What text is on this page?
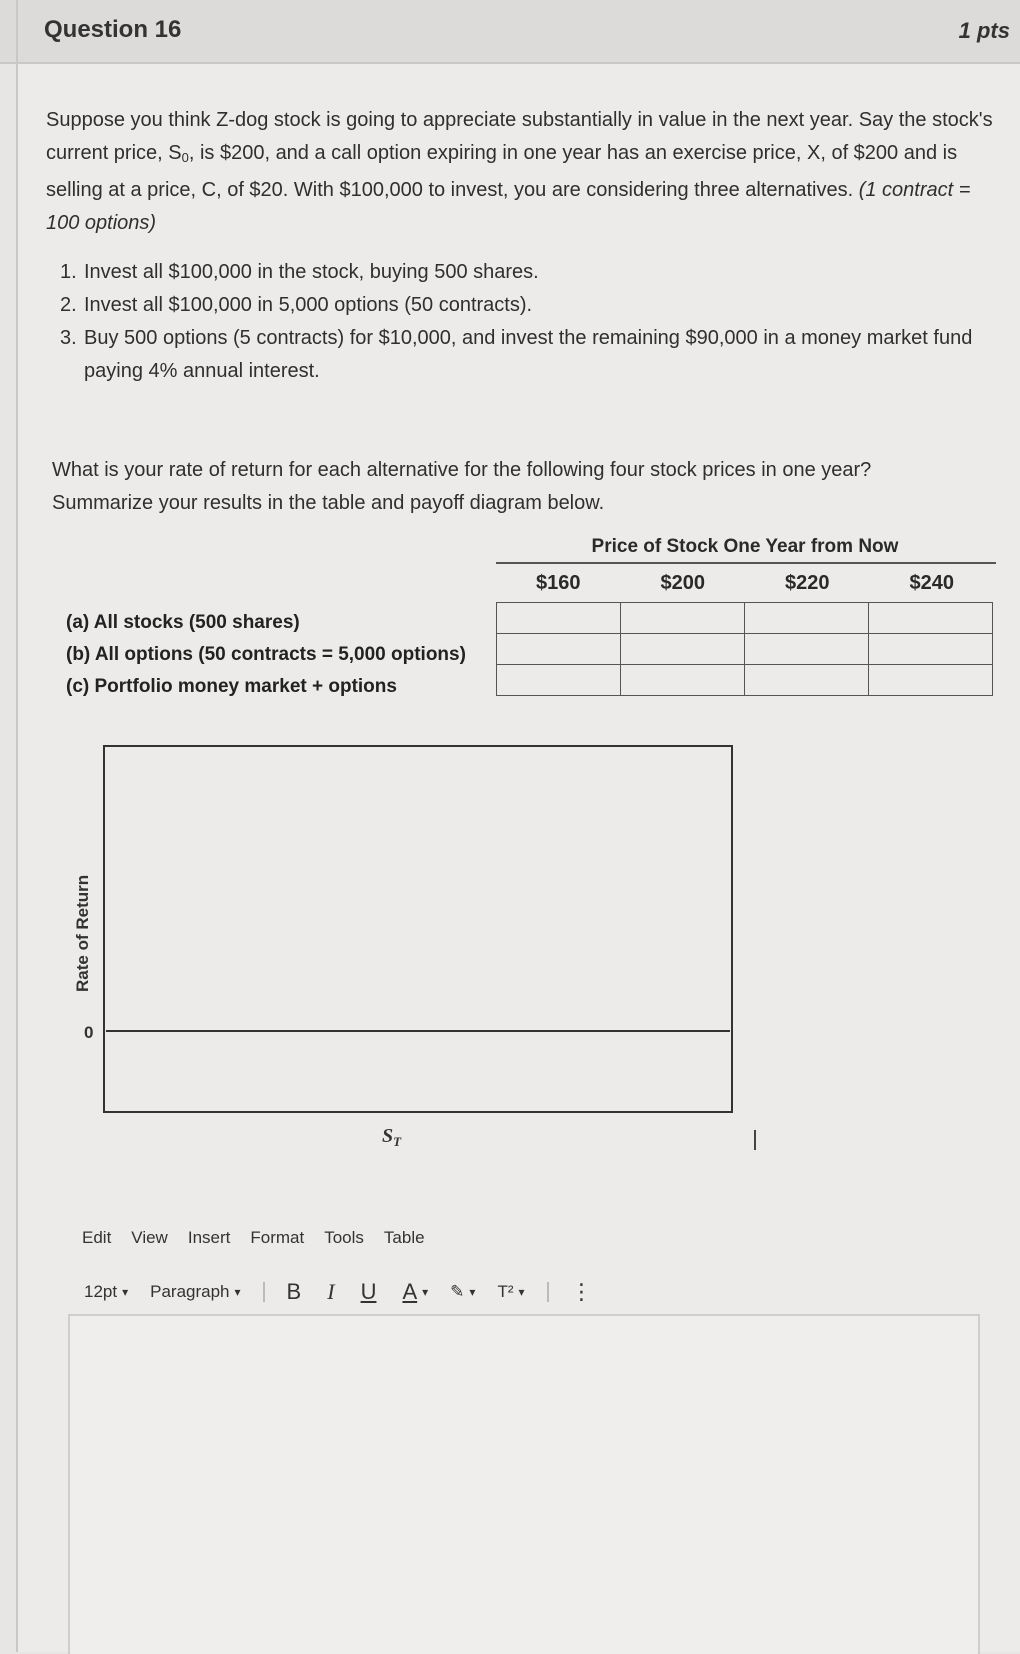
Question 16	1 pts
Suppose you think Z-dog stock is going to appreciate substantially in value in the next year. Say the stock's current price, $S_0$, is $200, and a call option expiring in one year has an exercise price, X, of $200 and is selling at a price, C, of $20. With $100,000 to invest, you are considering three alternatives. (1 contract = 100 options)
1. Invest all $100,000 in the stock, buying 500 shares.
2. Invest all $100,000 in 5,000 options (50 contracts).
3. Buy 500 options (5 contracts) for $10,000, and invest the remaining $90,000 in a money market fund paying 4% annual interest.
What is your rate of return for each alternative for the following four stock prices in one year? Summarize your results in the table and payoff diagram below.
Price of Stock One Year from Now
$160	$200	$220	$240

(a) All stocks (500 shares)
(b) All options (50 contracts = 5,000 options)
(c) Portfolio money market + options
Rate of Return
0
$S_T$
Edit View Insert Format Tools Table
12pt ▾ Paragraph ▾ B I U A ▾ ✎ ▾ T² ▾ ⋮
